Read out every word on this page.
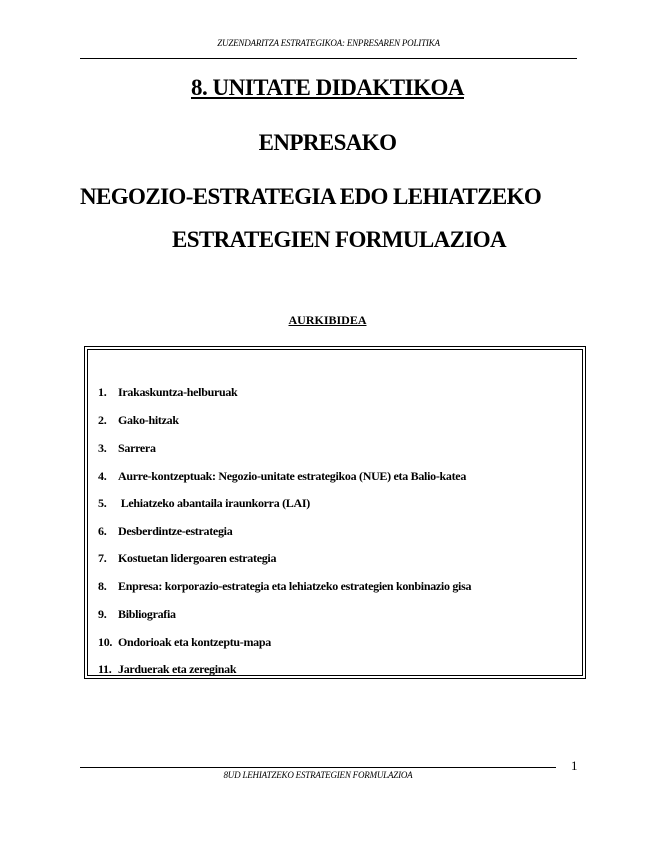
ZUZENDARITZA ESTRATEGIKOA: ENPRESAREN POLITIKA
8. UNITATE DIDAKTIKOA
ENPRESAKO
NEGOZIO-ESTRATEGIA EDO LEHIATZEKO
ESTRATEGIEN FORMULAZIOA
AURKIBIDEA
1. Irakaskuntza-helburuak
2. Gako-hitzak
3. Sarrera
4. Aurre-kontzeptuak: Negozio-unitate estrategikoa (NUE) eta Balio-katea
5. Lehiatzeko abantaila iraunkorra (LAI)
6. Desberdintze-estrategia
7. Kostuetan lidergoaren estrategia
8. Enpresa: korporazio-estrategia eta lehiatzeko estrategien konbinazio gisa
9. Bibliografia
10. Ondorioak eta kontzeptu-mapa
11. Jarduerak eta zereginak
8UD LEHIATZEKO ESTRATEGIEN FORMULAZIOA
1
